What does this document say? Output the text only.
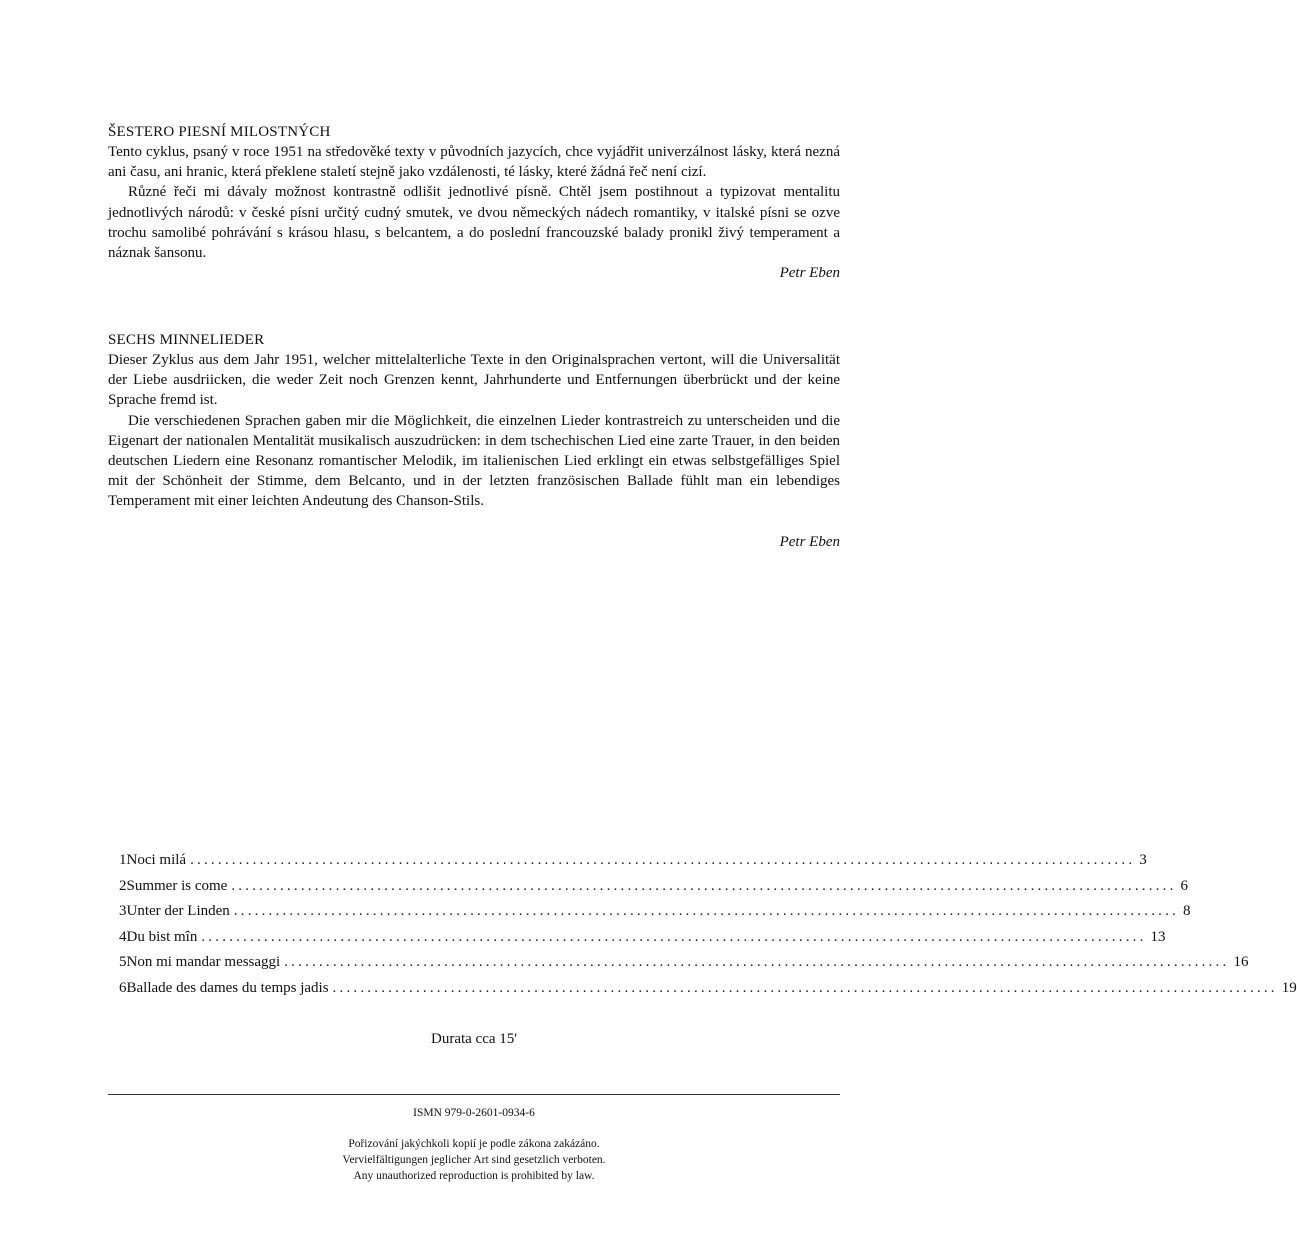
ŠESTERO PIESNÍ MILOSTNÝCH

Tento cyklus, psaný v roce 1951 na středověké texty v původních jazycích, chce vyjádřit univerzálnost lásky, která nezná ani času, ani hranic, která překlene staletí stejně jako vzdálenosti, té lásky, které žádná řeč není cizí.

Různé řeči mi dávaly možnost kontrastně odlišit jednotlivé písně. Chtěl jsem postihnout a typizovat mentalitu jednotlivých národů: v české písni určitý cudný smutek, ve dvou německých nádech romantiky, v italské písni se ozve trochu samolibé pohrávání s krásou hlasu, s belcantem, a do poslední francouzské balady pronikl živý temperament a náznak šansonu.

Petr Eben

SECHS MINNELIEDER

Dieser Zyklus aus dem Jahr 1951, welcher mittelalterliche Texte in den Originalsprachen vertont, will die Universalität der Liebe ausdriicken, die weder Zeit noch Grenzen kennt, Jahrhunderte und Entfernungen überbrückt und der keine Sprache fremd ist.

Die verschiedenen Sprachen gaben mir die Möglichkeit, die einzelnen Lieder kontrastreich zu unterscheiden und die Eigenart der nationalen Mentalität musikalisch auszudrücken: in dem tschechischen Lied eine zarte Trauer, in den beiden deutschen Liedern eine Resonanz romantischer Melodik, im italienischen Lied erklingt ein etwas selbstgefälliges Spiel mit der Schönheit der Stimme, dem Belcanto, und in der letzten französischen Ballade fühlt man ein lebendiges Temperament mit einer leichten Andeutung des Chanson-Stils.

Petr Eben

1 Noci milá ........................................................................................................................................ 3
2 Summer is come ........................................................................................................................................ 6
3 Unter der Linden ........................................................................................................................................ 8
4 Du bist mîn ........................................................................................................................................ 13
5 Non mi mandar messaggi ........................................................................................................................................ 16
6 Ballade des dames du temps jadis ........................................................................................................................................ 19
Durata cca 15'
ISMN 979-0-2601-0934-6
Pořizování jakýchkoli kopií je podle zákona zakázáno.
Vervielfältigungen jeglicher Art sind gesetzlich verboten.
Any unauthorized reproduction is prohibited by law.
